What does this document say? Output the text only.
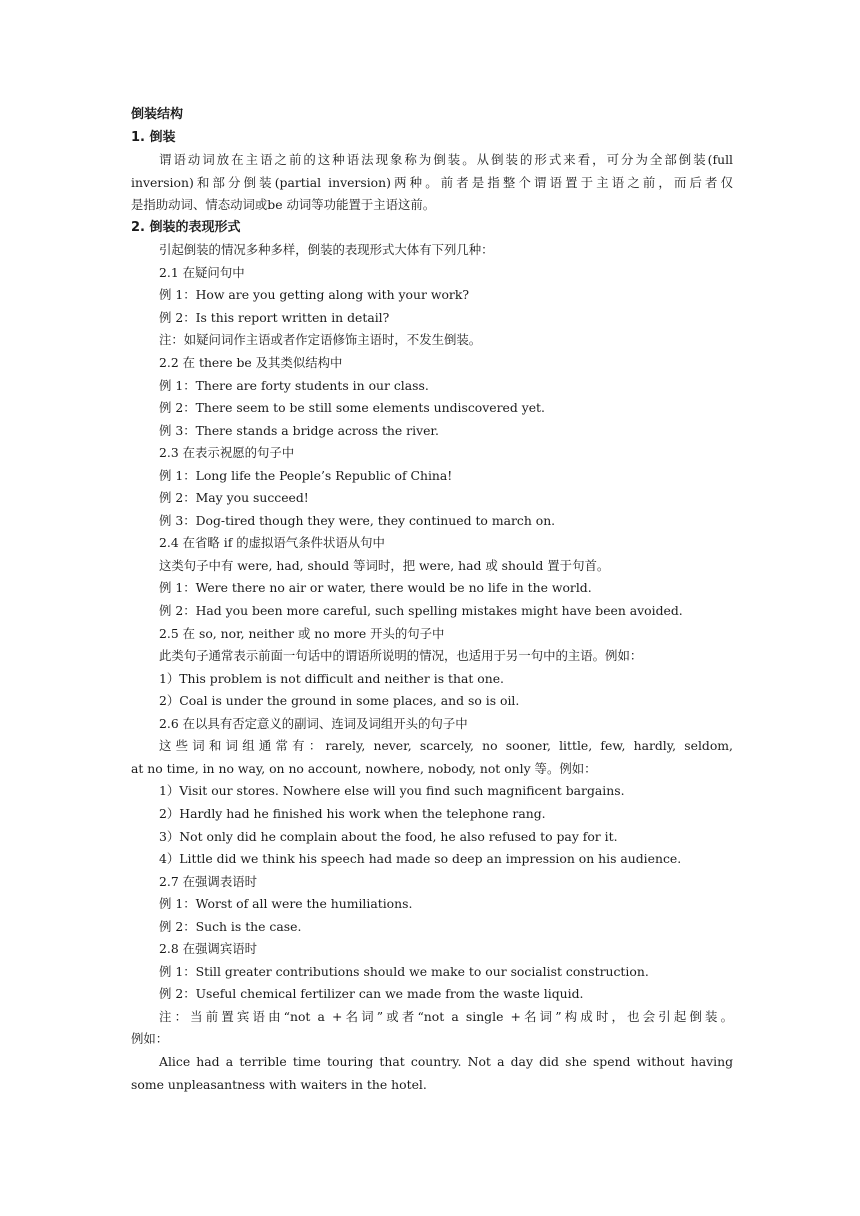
倒装结构
1. 倒装
谓语动词放在主语之前的这种语法现象称为倒装。从倒装的形式来看，可分为全部倒装(full
inversion)和部分倒装(partial inversion)两种。前者是指整个谓语置于主语之前，而后者仅
是指助动词、情态动词或be 动词等功能置于主语这前。
2. 倒装的表现形式
引起倒装的情况多种多样，倒装的表现形式大体有下列几种：
2.1 在疑问句中
例 1：How are you getting along with your work?
例 2：Is this report written in detail?
注：如疑问词作主语或者作定语修饰主语时，不发生倒装。
2.2 在 there be 及其类似结构中
例 1：There are forty students in our class.
例 2：There seem to be still some elements undiscovered yet.
例 3：There stands a bridge across the river.
2.3 在表示祝愿的句子中
例 1：Long life the People’s Republic of China!
例 2：May you succeed!
例 3：Dog-tired though they were, they continued to march on.
2.4 在省略 if 的虚拟语气条件状语从句中
这类句子中有 were, had, should 等词时，把 were, had 或 should 置于句首。
例 1：Were there no air or water, there would be no life in the world.
例 2：Had you been more careful, such spelling mistakes might have been avoided.
2.5 在 so, nor, neither 或 no more 开头的句子中
此类句子通常表示前面一句话中的谓语所说明的情况，也适用于另一句中的主语。例如：
1）This problem is not difficult and neither is that one.
2）Coal is under the ground in some places, and so is oil.
2.6 在以具有否定意义的副词、连词及词组开头的句子中
这些词和词组通常有：rarely, never, scarcely, no sooner, little, few, hardly, seldom,
at no time, in no way, on no account, nowhere, nobody, not only 等。例如：
1）Visit our stores. Nowhere else will you find such magnificent bargains.
2）Hardly had he finished his work when the telephone rang.
3）Not only did he complain about the food, he also refused to pay for it.
4）Little did we think his speech had made so deep an impression on his audience.
2.7 在强调表语时
例 1：Worst of all were the humiliations.
例 2：Such is the case.
2.8 在强调宾语时
例 1：Still greater contributions should we make to our socialist construction.
例 2：Useful chemical fertilizer can we made from the waste liquid.
注：当前置宾语由“not a +名词”或者“not a single +名词”构成时，也会引起倒装。
例如：
Alice had a terrible time touring that country. Not a day did she spend without having
some unpleasantness with waiters in the hotel.
